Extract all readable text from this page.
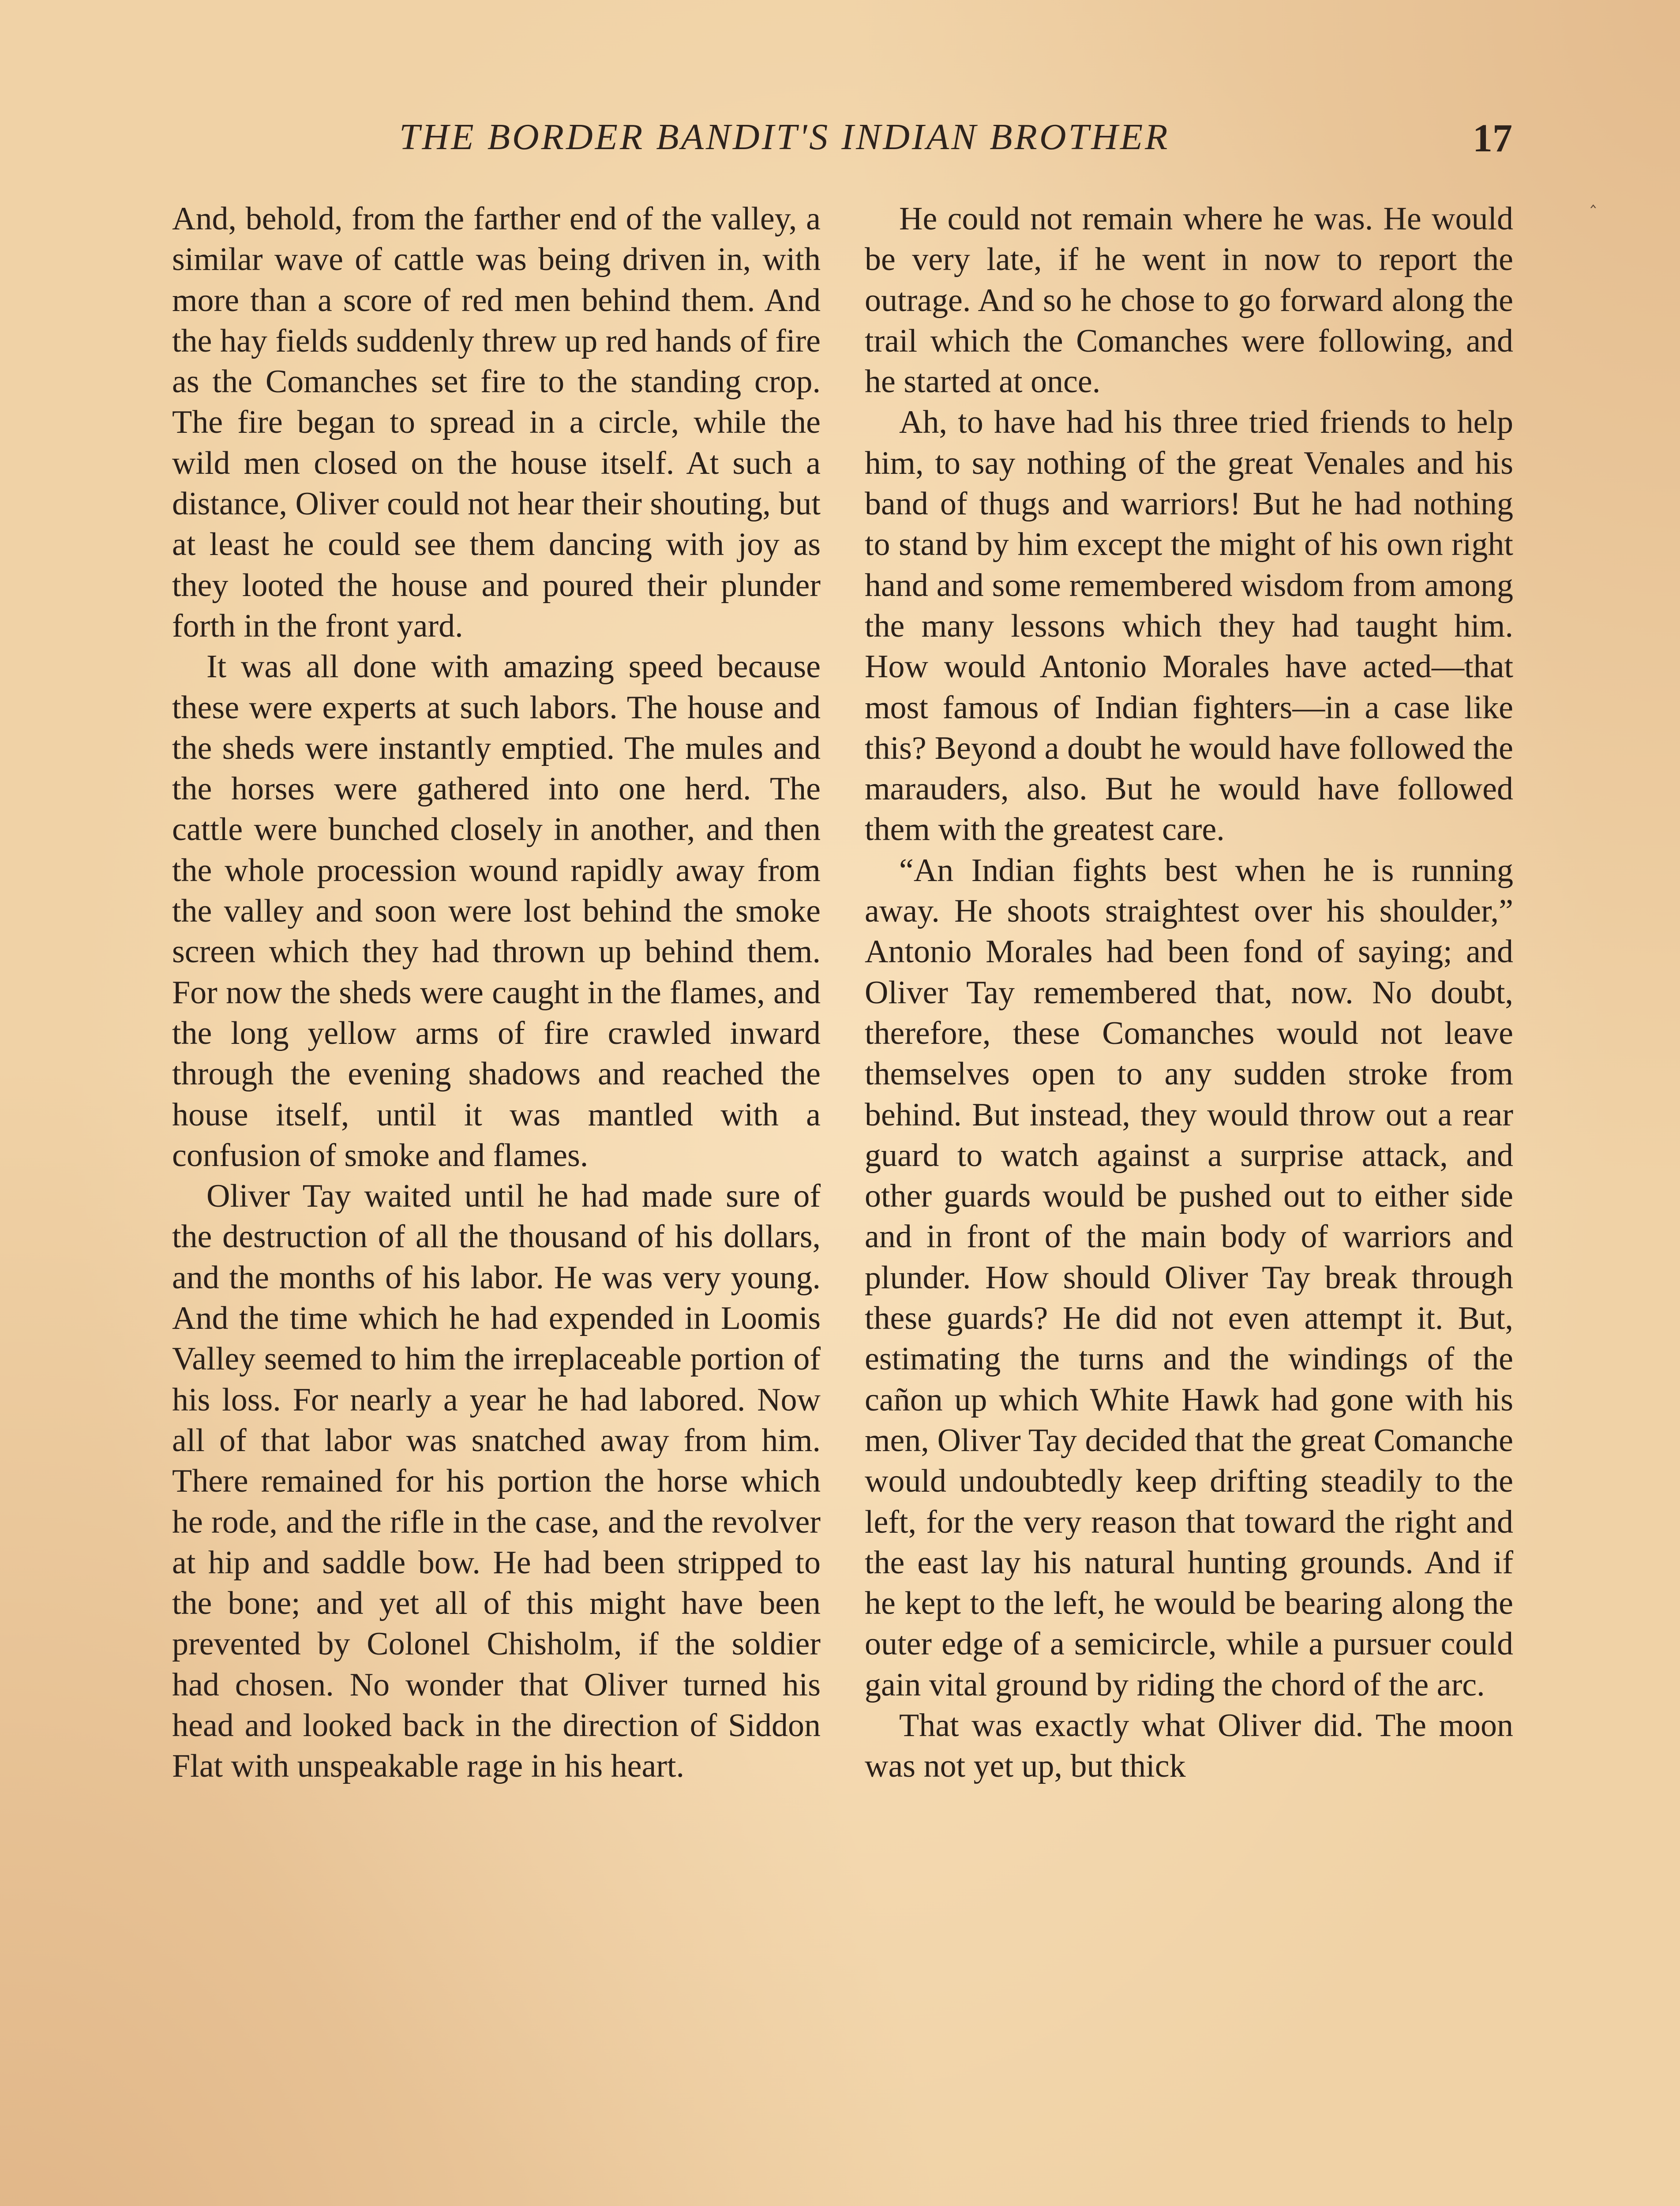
THE BORDER BANDIT'S INDIAN BROTHER	17
‸

And, behold, from the farther end of the valley, a similar wave of cattle was being driven in, with more than a score of red men behind them. And the hay fields suddenly threw up red hands of fire as the Comanches set fire to the standing crop. The fire began to spread in a circle, while the wild men closed on the house itself. At such a distance, Oliver could not hear their shouting, but at least he could see them dancing with joy as they looted the house and poured their plunder forth in the front yard.

It was all done with amazing speed because these were experts at such labors. The house and the sheds were instantly emptied. The mules and the horses were gathered into one herd. The cattle were bunched closely in another, and then the whole procession wound rapidly away from the valley and soon were lost behind the smoke screen which they had thrown up behind them. For now the sheds were caught in the flames, and the long yellow arms of fire crawled inward through the evening shadows and reached the house itself, until it was mantled with a confusion of smoke and flames.

Oliver Tay waited until he had made sure of the destruction of all the thousand of his dollars, and the months of his labor. He was very young. And the time which he had expended in Loomis Valley seemed to him the irreplaceable portion of his loss. For nearly a year he had labored. Now all of that labor was snatched away from him. There remained for his portion the horse which he rode, and the rifle in the case, and the revolver at hip and saddle bow. He had been stripped to the bone; and yet all of this might have been prevented by Colonel Chisholm, if the soldier had chosen. No wonder that Oliver turned his head and looked back in the direction of Siddon Flat with unspeakable rage in his heart.

He could not remain where he was. He would be very late, if he went in now to report the outrage. And so he chose to go forward along the trail which the Comanches were following, and he started at once.

Ah, to have had his three tried friends to help him, to say nothing of the great Venales and his band of thugs and warriors! But he had nothing to stand by him except the might of his own right hand and some remembered wisdom from among the many lessons which they had taught him. How would Antonio Morales have acted—that most famous of Indian fighters—in a case like this? Beyond a doubt he would have followed the marauders, also. But he would have followed them with the greatest care.

“An Indian fights best when he is running away. He shoots straightest over his shoulder,” Antonio Morales had been fond of saying; and Oliver Tay remembered that, now. No doubt, therefore, these Comanches would not leave themselves open to any sudden stroke from behind. But instead, they would throw out a rear guard to watch against a surprise attack, and other guards would be pushed out to either side and in front of the main body of warriors and plunder. How should Oliver Tay break through these guards? He did not even attempt it. But, estimating the turns and the windings of the cañon up which White Hawk had gone with his men, Oliver Tay decided that the great Comanche would undoubtedly keep drifting steadily to the left, for the very reason that toward the right and the east lay his natural hunting grounds. And if he kept to the left, he would be bearing along the outer edge of a semicircle, while a pursuer could gain vital ground by riding the chord of the arc.

That was exactly what Oliver did. The moon was not yet up, but thick
